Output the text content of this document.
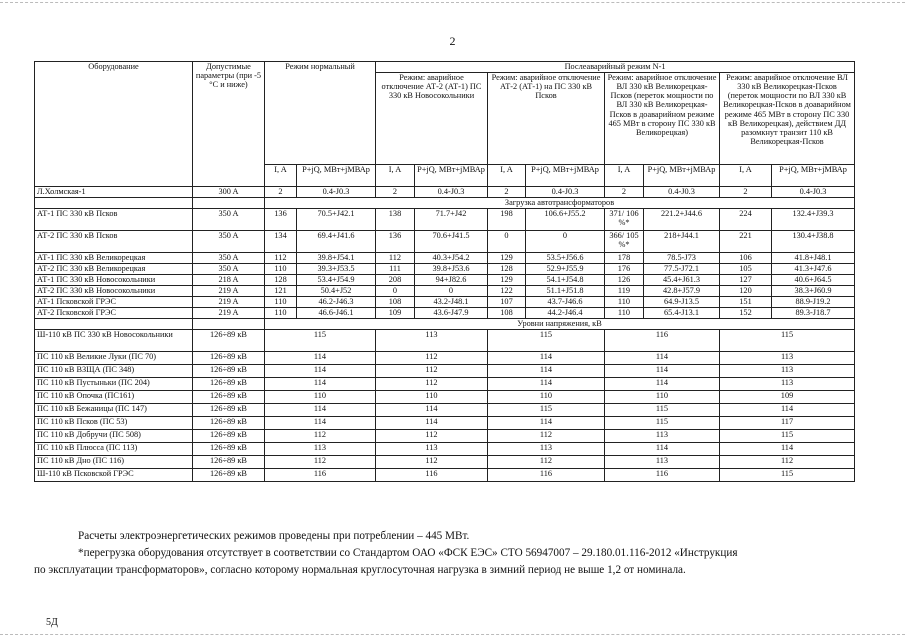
2
Оборудование	Допустимые параметры (при -5 °С и ниже)	Режим нормальный		Послеаварийный режим N-1							
				Режим: аварийное отключение АТ-2 (АТ-1) ПС 330 кВ Новосокольники		Режим: аварийное отключение АТ-2 (АТ-1) на ПС 330 кВ Псков		Режим: аварийное отключение ВЛ 330 кВ Великорецкая-Псков (переток мощности по ВЛ 330 кВ Великорецкая-Псков в доаварийном режиме 465 МВт в сторону ПС 330 кВ Великорецкая)		Режим: аварийное отключение ВЛ 330 кВ Великорецкая-Псков (переток мощности по ВЛ 330 кВ Великорецкая-Псков в доаварийном режиме 465 МВт в сторону ПС 330 кВ Великорецкая), действием ДД разомкнут транзит 110 кВ Великорецкая-Псков	
		I, A	P+jQ, МВт+jМВАр	I, A	P+jQ, МВт+jМВАр	I, A	P+jQ, МВт+jМВАр	I, A	P+jQ, МВт+jМВАр	I, A	P+jQ, МВт+jМВАр
Л.Холмская-1	300 A	2	0.4-J0.3	2	0.4-J0.3	2	0.4-J0.3	2	0.4-J0.3	2	0.4-J0.3
		Загрузка автотрансформаторов									
АТ-1 ПС 330 кВ Псков	350 A	136	70.5+J42.1	138	71.7+J42	198	106.6+J55.2	371/ 106 %*	221.2+J44.6	224	132.4+J39.3
АТ-2 ПС 330 кВ Псков	350 A	134	69.4+J41.6	136	70.6+J41.5	0	0	366/ 105 %*	218+J44.1	221	130.4+J38.8
АТ-1 ПС 330 кВ Великорецкая	350 A	112	39.8+J54.1	112	40.3+J54.2	129	53.5+J56.6	178	78.5-J73	106	41.8+J48.1
АТ-2 ПС 330 кВ Великорецкая	350 A	110	39.3+J53.5	111	39.8+J53.6	128	52.9+J55.9	176	77.5-J72.1	105	41.3+J47.6
АТ-1 ПС 330 кВ Новосокольники	218 A	128	53.4+J54.9	208	94+J82.6	129	54.1+J54.8	126	45.4+J61.3	127	40.6+J64.5
АТ-2 ПС 330 кВ Новосокольники	219 A	121	50.4+J52	0	0	122	51.1+J51.8	119	42.8+J57.9	120	38.3+J60.9
АТ-1 Псковской ГРЭС	219 A	110	46.2-J46.3	108	43.2-J48.1	107	43.7-J46.6	110	64.9-J13.5	151	88.9-J19.2
АТ-2 Псковской ГРЭС	219 A	110	46.6-J46.1	109	43.6-J47.9	108	44.2-J46.4	110	65.4-J13.1	152	89.3-J18.7
		Уровни напряжения, кВ									
Ш-110 кВ ПС 330 кВ Новосокольники	126÷89 кВ	115		113		115		116		115	
ПС 110 кВ Великие Луки (ПС 70)	126÷89 кВ	114		112		114		114		113	
ПС 110 кВ ВЗЩА (ПС 348)	126÷89 кВ	114		112		114		114		113	
ПС 110 кВ Пустыньки (ПС 204)	126÷89 кВ	114		112		114		114		113	
ПС 110 кВ Опочка (ПС161)	126÷89 кВ	110		110		110		110		109	
ПС 110 кВ Бежаницы (ПС 147)	126÷89 кВ	114		114		115		115		114	
ПС 110 кВ Псков (ПС 53)	126÷89 кВ	114		114		114		115		117	
ПС 110 кВ Добручи (ПС 508)	126÷89 кВ	112		112		112		113		115	
ПС 110 кВ Плюсса (ПС 113)	126÷89 кВ	113		113		113		114		114	
ПС 110 кВ Дно (ПС 116)	126÷89 кВ	112		112		112		113		112	
Ш-110 кВ Псковской ГРЭС	126÷89 кВ	116		116		116		116		115	
Расчеты электроэнергетических режимов проведены при потреблении – 445 МВт.
*перегрузка оборудования отсутствует в соответствии со Стандартом ОАО «ФСК ЕЭС» СТО 56947007 – 29.180.01.116-2012 «Инструкция
по эксплуатации трансформаторов», согласно которому нормальная круглосуточная нагрузка в зимний период не выше 1,2 от номинала.
5Д
